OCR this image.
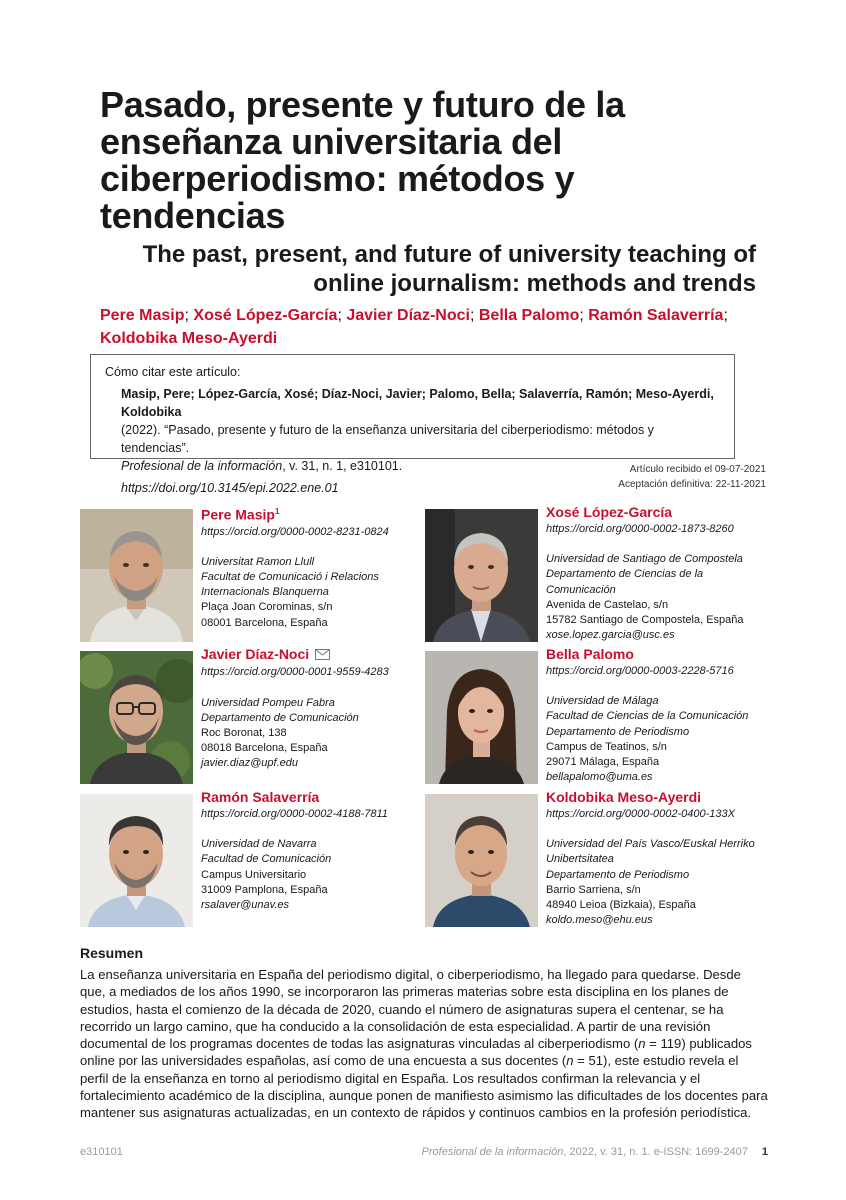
Pasado, presente y futuro de la enseñanza universitaria del ciberperiodismo: métodos y tendencias
The past, present, and future of university teaching of
online journalism: methods and trends
Pere Masip; Xosé López-García; Javier Díaz-Noci; Bella Palomo; Ramón Salaverría;
Koldobika Meso-Ayerdi
Cómo citar este artículo:
Masip, Pere; López-García, Xosé; Díaz-Noci, Javier; Palomo, Bella; Salaverría, Ramón; Meso-Ayerdi, Koldobika
(2022). “Pasado, presente y futuro de la enseñanza universitaria del ciberperiodismo: métodos y tendencias”.
Profesional de la información, v. 31, n. 1, e310101.

https://doi.org/10.3145/epi.2022.ene.01
Artículo recibido el 09-07-2021
Aceptación definitiva: 22-11-2021
Pere Masip$^1$
https://orcid.org/0000-0002-8231-0824
Universitat Ramon Llull
Facultat de Comunicació i Relacions
Internacionals Blanquerna
Plaça Joan Corominas, s/n
08001 Barcelona, España
Xosé López-García
https://orcid.org/0000-0002-1873-8260
Universidad de Santiago de Compostela
Departamento de Ciencias de la
Comunicación
Avenida de Castelao, s/n
15782 Santiago de Compostela, España
xose.lopez.garcia@usc.es
Javier Díaz-Noci
https://orcid.org/0000-0001-9559-4283
Universidad Pompeu Fabra
Departamento de Comunicación
Roc Boronat, 138
08018 Barcelona, España
javier.diaz@upf.edu
Bella Palomo
https://orcid.org/0000-0003-2228-5716
Universidad de Málaga
Facultad de Ciencias de la Comunicación
Departamento de Periodismo
Campus de Teatinos, s/n
29071 Málaga, España
bellapalomo@uma.es
Ramón Salaverría
https://orcid.org/0000-0002-4188-7811
Universidad de Navarra
Facultad de Comunicación
Campus Universitario
31009 Pamplona, España
rsalaver@unav.es
Koldobika Meso-Ayerdi
https://orcid.org/0000-0002-0400-133X
Universidad del País Vasco/Euskal Herriko
Unibertsitatea
Departamento de Periodismo
Barrio Sarriena, s/n
48940 Leioa (Bizkaia), España
koldo.meso@ehu.eus
Resumen
La enseñanza universitaria en España del periodismo digital, o ciberperiodismo, ha llegado para quedarse. Desde que, a mediados de los años 1990, se incorporaron las primeras materias sobre esta disciplina en los planes de estudios, hasta el comienzo de la década de 2020, cuando el número de asignaturas supera el centenar, se ha recorrido un largo camino, que ha conducido a la consolidación de esta especialidad. A partir de una revisión documental de los programas docentes de todas las asignaturas vinculadas al ciberperiodismo (n = 119) publicados online por las universidades españolas, así como de una encuesta a sus docentes (n = 51), este estudio revela el perfil de la enseñanza en torno al periodismo digital en España. Los resultados confirman la relevancia y el fortalecimiento académico de la disciplina, aunque ponen de manifiesto asimismo las dificultades de los docentes para mantener sus asignaturas actualizadas, en un contexto de rápidos y continuos cambios en la profesión periodística.
e310101	Profesional de la información, 2022, v. 31, n. 1. e-ISSN: 1699-2407 1
